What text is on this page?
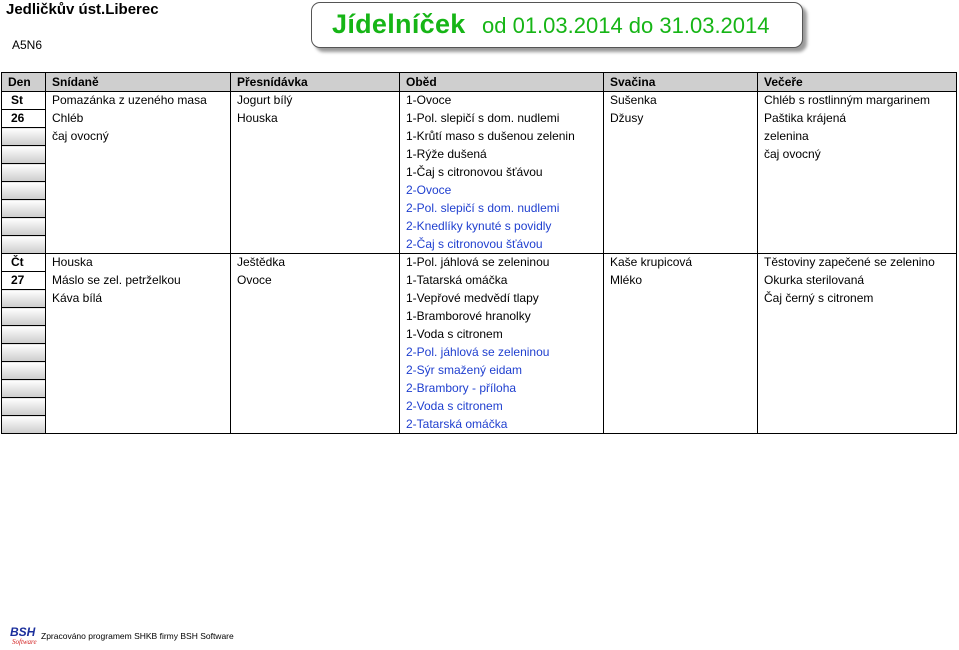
Jedličkův úst.Liberec
A5N6
Jídelníček od 01.03.2014 do 31.03.2014
Den	Snídaně	Přesnídávka	Oběd	Svačina	Večeře
St	Pomazánka z uzeného masa	Jogurt bílý	1-Ovoce	Sušenka	Chléb s rostlinným margarinem
26	Chléb	Houska	1-Pol. slepičí s dom. nudlemi	Džusy	Paštika krájená
	čaj ovocný		1-Krůtí maso s dušenou zelenin		zelenina
			1-Rýže dušená		čaj ovocný
			1-Čaj s citronovou šťávou		
			2-Ovoce		
			2-Pol. slepičí s dom. nudlemi		
			2-Knedlíky kynuté s povidly		
			2-Čaj s citronovou šťávou		
Čt	Houska	Ještědka	1-Pol. jáhlová se zeleninou	Kaše krupicová	Těstoviny zapečené se zelenino
27	Máslo se zel. petrželkou	Ovoce	1-Tatarská omáčka	Mléko	Okurka sterilovaná
	Káva bílá		1-Vepřové medvědí tlapy		Čaj černý s citronem
			1-Bramborové hranolky		
			1-Voda s citronem		
			2-Pol. jáhlová se zeleninou		
			2-Sýr smažený eidam		
			2-Brambory - příloha		
			2-Voda s citronem		
			2-Tatarská omáčka		
BSH
Software
Zpracováno programem SHKB firmy BSH Software
